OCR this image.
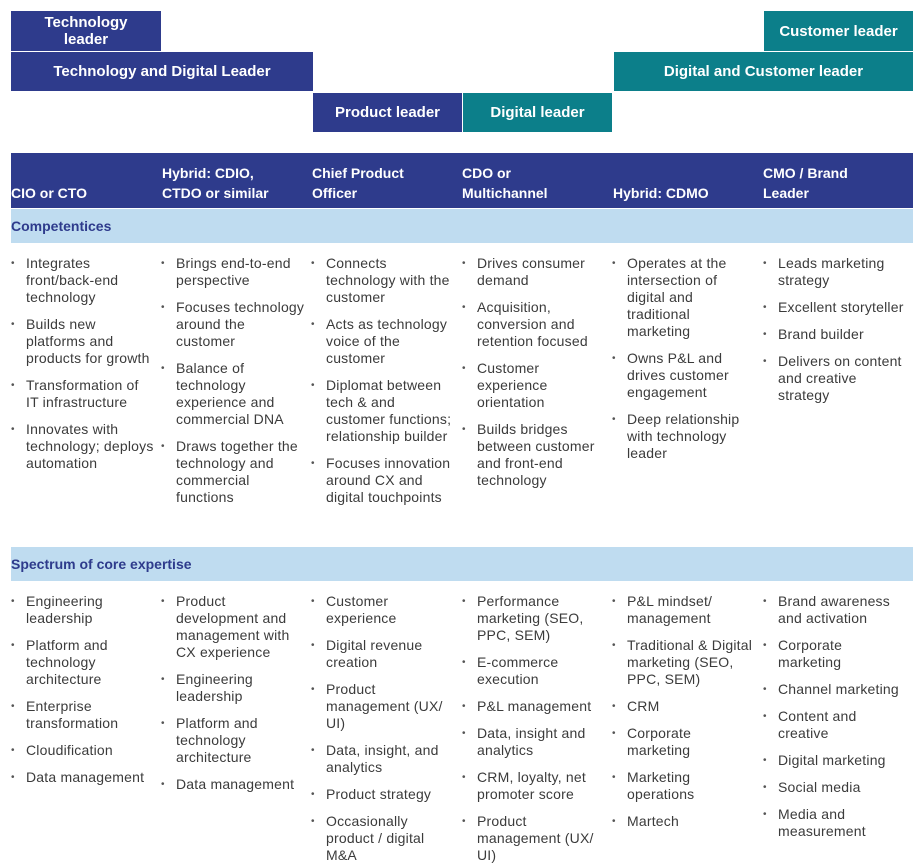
Technology
leader
Technology and Digital Leader
Product leader	Digital leader
Customer leader
Digital and Customer leader
CIO or CTO
Hybrid: CDIO,
CTDO or similar
Chief Product
Officer
CDO or
Multichannel	Hybrid: CDMO
CMO / Brand
Leader
Competentices
• Integrates front/back-end technology
• Builds new platforms and products for growth
• Transformation of IT infrastructure
• Innovates with technology; deploys automation
• Brings end-to-end perspective
• Focuses technology around the customer
• Balance of technology experience and commercial DNA
• Draws together the technology and commercial functions
• Connects technology with the customer
• Acts as technology voice of the customer
• Diplomat between tech & and customer functions; relationship builder
• Focuses innovation around CX and digital touchpoints
• Drives consumer demand
• Acquisition, conversion and retention focused
• Customer experience orientation
• Builds bridges between customer and front-end technology
• Operates at the intersection of digital and traditional marketing
• Owns P&L and drives customer engagement
• Deep relationship with technology leader
• Leads marketing strategy
• Excellent storyteller
• Brand builder
• Delivers on content and creative strategy
Spectrum of core expertise
• Engineering leadership
• Platform and technology architecture
• Enterprise transformation
• Cloudification
• Data management
• Product development and management with CX experience
• Engineering leadership
• Platform and technology architecture
• Data management
• Customer experience
• Digital revenue creation
• Product management (UX/ UI)
• Data, insight, and analytics
• Product strategy
• Occasionally product / digital M&A
• Performance marketing (SEO, PPC, SEM)
• E-commerce execution
• P&L management
• Data, insight and analytics
• CRM, loyalty, net promoter score
• Product management (UX/ UI)
• P&L mindset/ management
• Traditional & Digital marketing (SEO, PPC, SEM)
• CRM
• Corporate marketing
• Marketing operations
• Martech
• Brand awareness and activation
• Corporate marketing
• Channel marketing
• Content and creative
• Digital marketing
• Social media
• Media and measurement
